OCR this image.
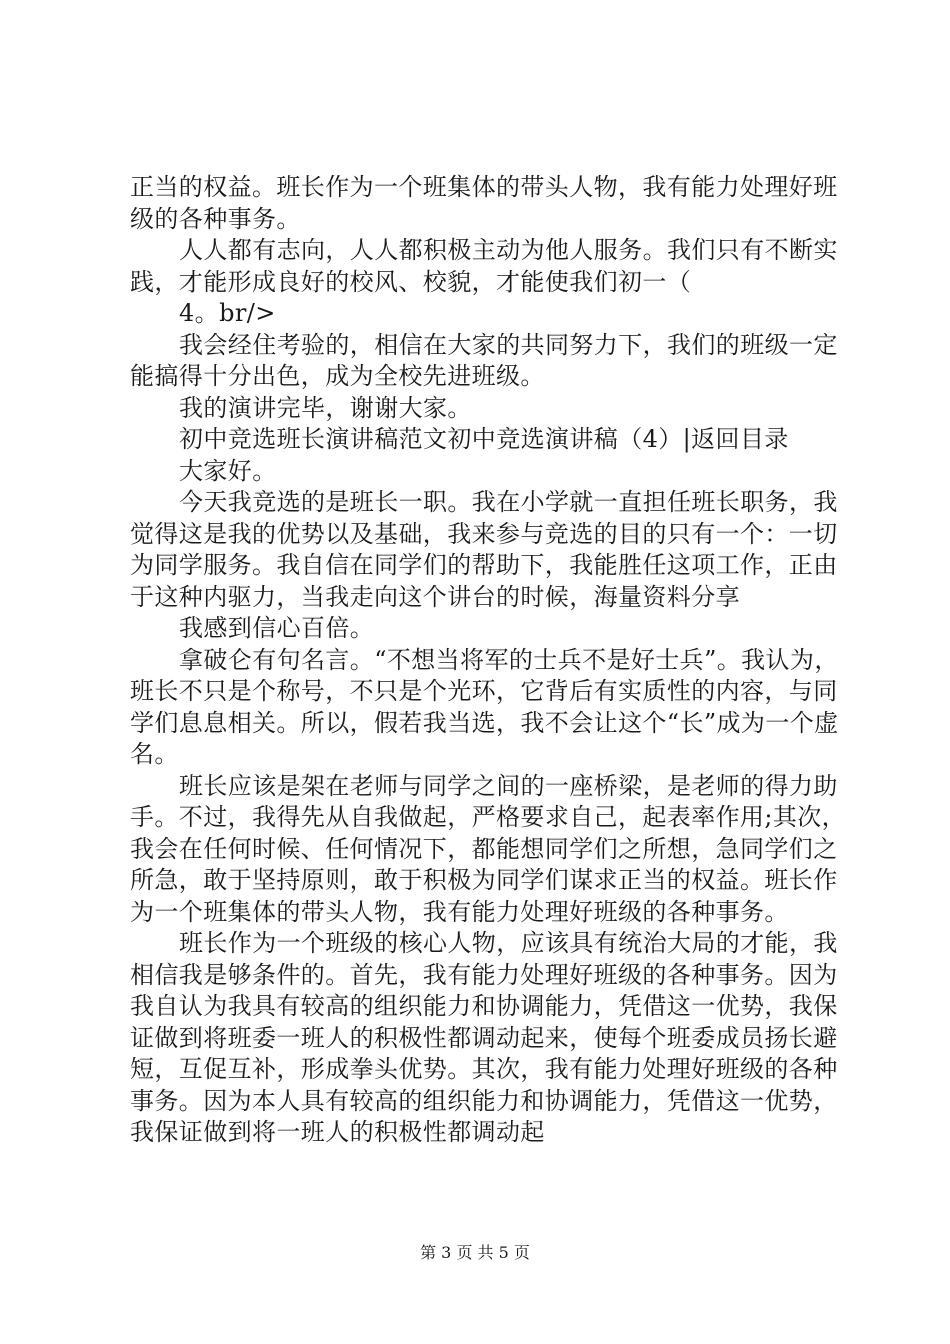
正当的权益。班长作为一个班集体的带头人物，我有能力处理好班级的各种事务。

人人都有志向，人人都积极主动为他人服务。我们只有不断实践，才能形成良好的校风、校貌，才能使我们初一（

4。br/>

我会经住考验的，相信在大家的共同努力下，我们的班级一定能搞得十分出色，成为全校先进班级。

我的演讲完毕，谢谢大家。

初中竞选班长演讲稿范文初中竞选演讲稿（4）|返回目录

大家好。

今天我竞选的是班长一职。我在小学就一直担任班长职务，我觉得这是我的优势以及基础，我来参与竞选的目的只有一个：一切为同学服务。我自信在同学们的帮助下，我能胜任这项工作，正由于这种内驱力，当我走向这个讲台的时候，海量资料分享

我感到信心百倍。

拿破仑有句名言。“不想当将军的士兵不是好士兵”。我认为，班长不只是个称号，不只是个光环，它背后有实质性的内容，与同学们息息相关。所以，假若我当选，我不会让这个“长”成为一个虚名。

班长应该是架在老师与同学之间的一座桥梁，是老师的得力助手。不过，我得先从自我做起，严格要求自己，起表率作用;其次，我会在任何时候、任何情况下，都能想同学们之所想，急同学们之所急，敢于坚持原则，敢于积极为同学们谋求正当的权益。班长作为一个班集体的带头人物，我有能力处理好班级的各种事务。

班长作为一个班级的核心人物，应该具有统治大局的才能，我相信我是够条件的。首先，我有能力处理好班级的各种事务。因为我自认为我具有较高的组织能力和协调能力，凭借这一优势，我保证做到将班委一班人的积极性都调动起来，使每个班委成员扬长避短，互促互补，形成拳头优势。其次，我有能力处理好班级的各种事务。因为本人具有较高的组织能力和协调能力，凭借这一优势，我保证做到将一班人的积极性都调动起

第 3 页 共 5 页
